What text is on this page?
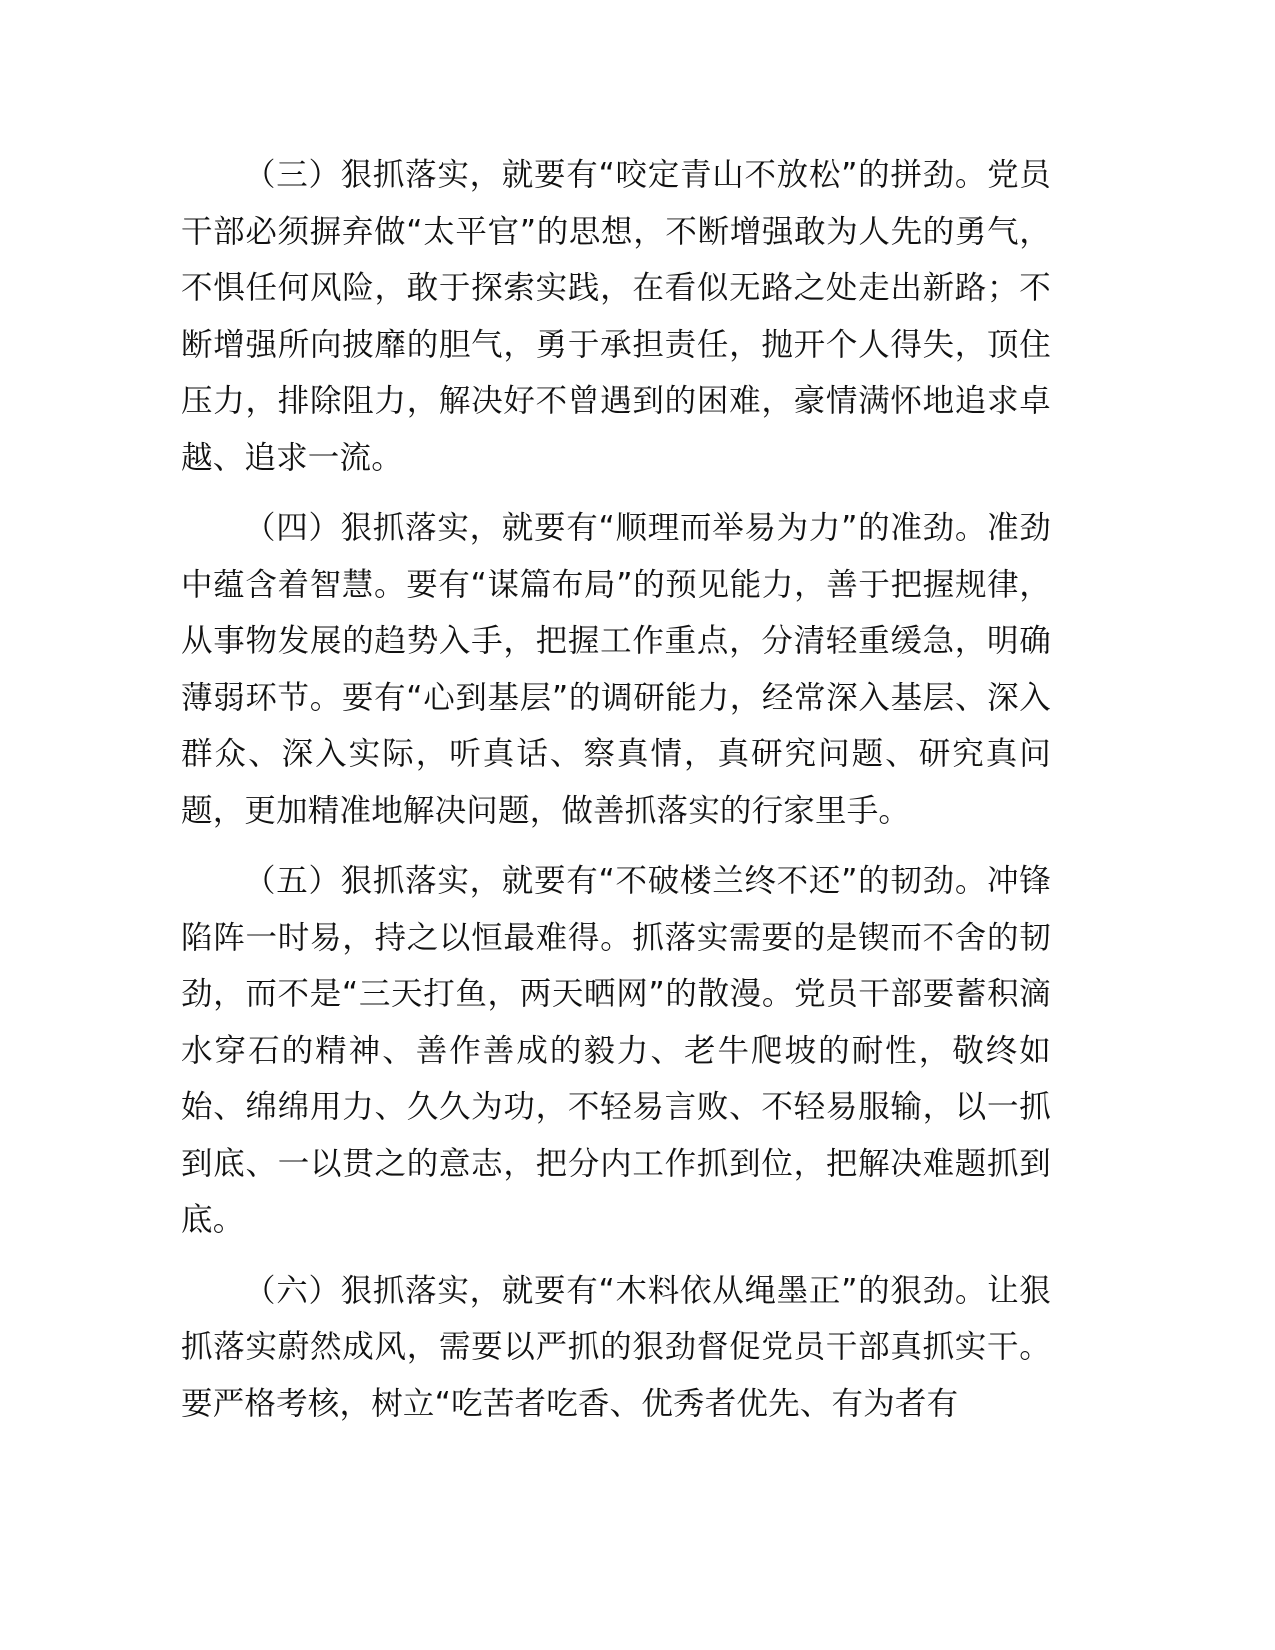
（三）狠抓落实，就要有“咬定青山不放松”的拼劲。党员干部必须摒弃做“太平官”的思想，不断增强敢为人先的勇气，不惧任何风险，敢于探索实践，在看似无路之处走出新路；不断增强所向披靡的胆气，勇于承担责任，抛开个人得失，顶住压力，排除阻力，解决好不曾遇到的困难，豪情满怀地追求卓越、追求一流。

（四）狠抓落实，就要有“顺理而举易为力”的准劲。准劲中蕴含着智慧。要有“谋篇布局”的预见能力，善于把握规律，从事物发展的趋势入手，把握工作重点，分清轻重缓急，明确薄弱环节。要有“心到基层”的调研能力，经常深入基层、深入群众、深入实际，听真话、察真情，真研究问题、研究真问题，更加精准地解决问题，做善抓落实的行家里手。

（五）狠抓落实，就要有“不破楼兰终不还”的韧劲。冲锋陷阵一时易，持之以恒最难得。抓落实需要的是锲而不舍的韧劲，而不是“三天打鱼，两天晒网”的散漫。党员干部要蓄积滴水穿石的精神、善作善成的毅力、老牛爬坡的耐性，敬终如始、绵绵用力、久久为功，不轻易言败、不轻易服输，以一抓到底、一以贯之的意志，把分内工作抓到位，把解决难题抓到底。

（六）狠抓落实，就要有“木料依从绳墨正”的狠劲。让狠抓落实蔚然成风，需要以严抓的狠劲督促党员干部真抓实干。要严格考核，树立“吃苦者吃香、优秀者优先、有为者有
